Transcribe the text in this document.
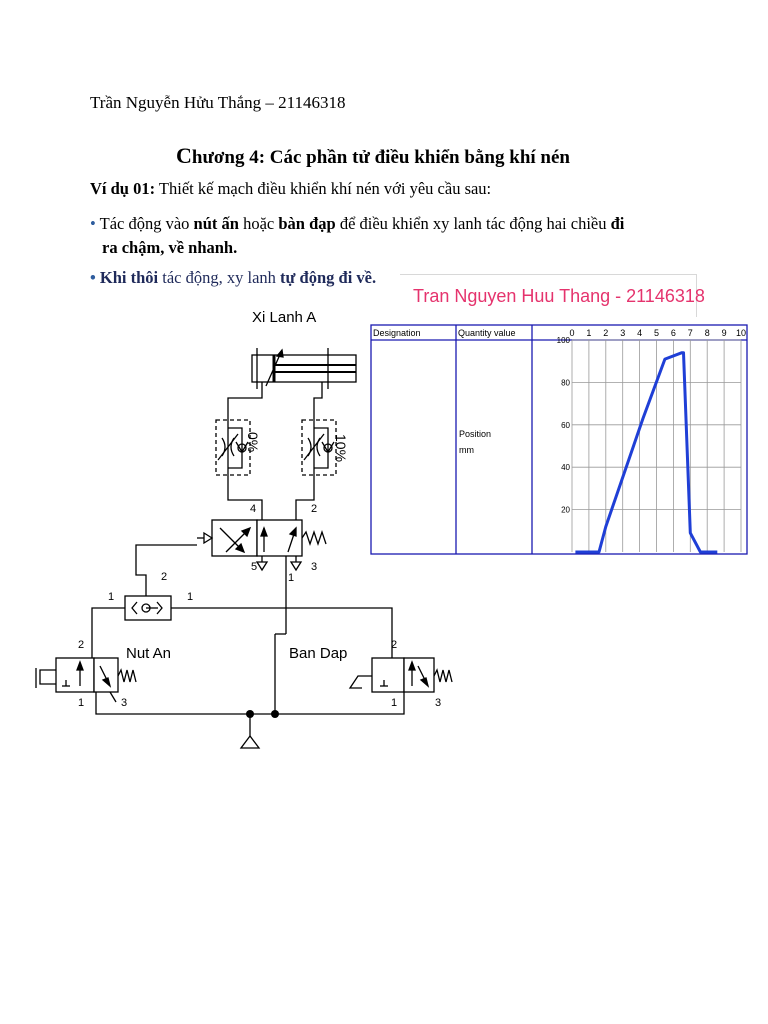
Trần Nguyễn Hửu Thắng – 21146318
Chương 4: Các phần tử điều khiển bằng khí nén
Ví dụ 01: Thiết kế mạch điều khiển khí nén với yêu cầu sau:
• Tác động vào nút ấn hoặc bàn đạp để điều khiển xy lanh tác động hai chiều đi
ra chậm, về nhanh.
• Khi thôi tác động, xy lanh tự động đi về.
Tran Nguyen Huu Thang - 21146318
Xi Lanh A
Nut An	Ban Dap
0%	10%
4	2
5	3
1
2
1	1
2
1	3
2
1	3
Designation	Quantity value
Position
mm
0 1 2 3 4 5 6 7 8 9 10
100
80
60
40
20
